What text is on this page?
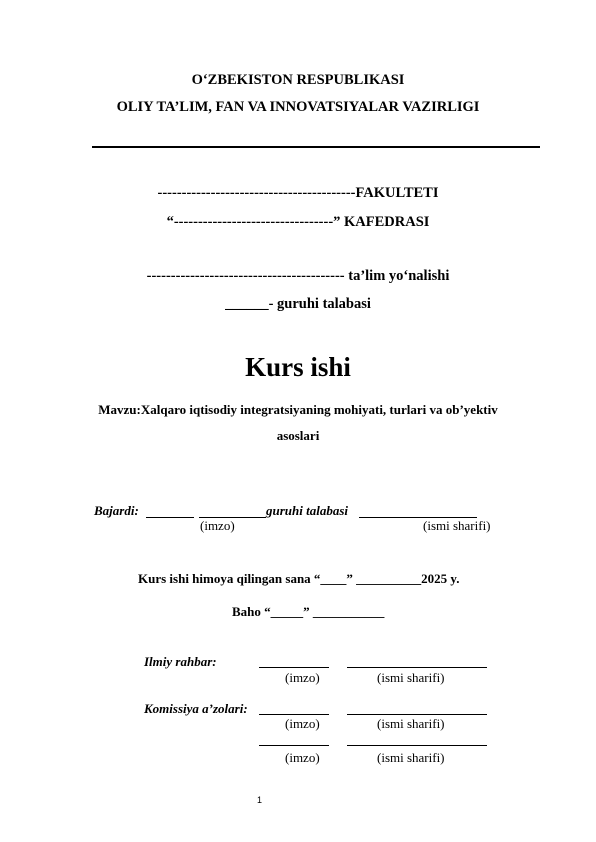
O‘ZBEKISTON RESPUBLIKASI
OLIY TA’LIM, FAN VA INNOVATSIYALAR VAZIRLIGI
-----------------------------------------FAKULTETI
“---------------------------------” KAFEDRASI
----------------------------------------- ta’lim yo‘nalishi
______- guruhi talabasi
Kurs ishi
Mavzu:Xalqaro iqtisodiy integratsiyaning mohiyati, turlari va ob’yektiv
asoslari
Bajardi:	guruhi talabasi
(imzo)	(ismi sharifi)
Kurs ishi himoya qilingan sana “____” __________2025 y.
Baho “_____” ___________
Ilmiy rahbar:
(imzo)	(ismi sharifi)
Komissiya a’zolari:
(imzo)	(ismi sharifi)
(imzo)	(ismi sharifi)
1
